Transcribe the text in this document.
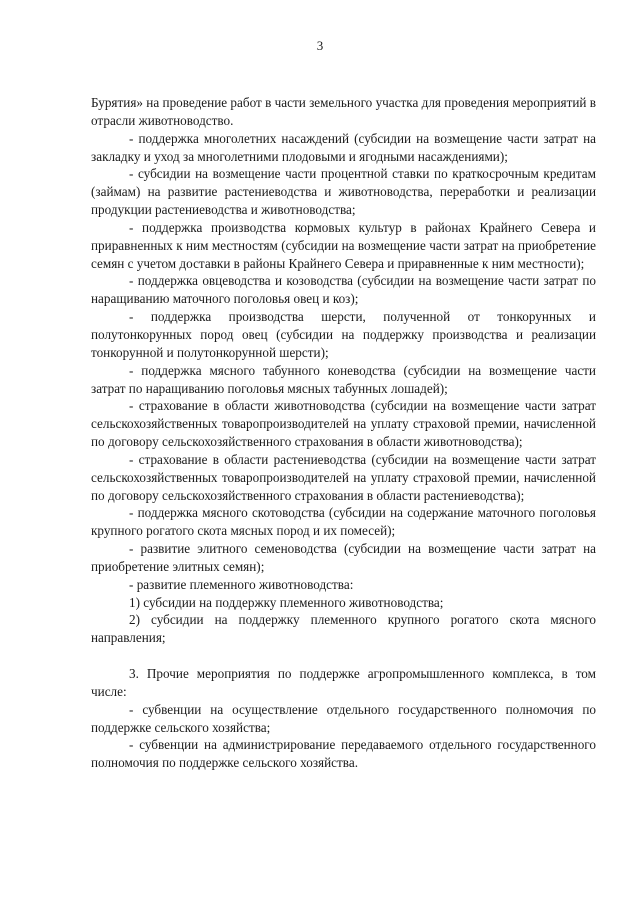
3

Бурятия» на проведение работ в части земельного участка для проведения мероприятий в отрасли животноводство.

- поддержка многолетних насаждений (субсидии на возмещение части затрат на закладку и уход за многолетними плодовыми и ягодными насаждениями);

- субсидии на возмещение части процентной ставки по краткосрочным кредитам (займам) на развитие растениеводства и животноводства, переработки и реализации продукции растениеводства и животноводства;

- поддержка производства кормовых культур в районах Крайнего Севера и приравненных к ним местностям (субсидии на возмещение части затрат на приобретение семян с учетом доставки в районы Крайнего Севера и приравненные к ним местности);

- поддержка овцеводства и козоводства (субсидии на возмещение части затрат по наращиванию маточного поголовья овец и коз);

- поддержка производства шерсти, полученной от тонкорунных и полутонкорунных пород овец (субсидии на поддержку производства и реализации тонкорунной и полутонкорунной шерсти);

- поддержка мясного табунного коневодства (субсидии на возмещение части затрат по наращиванию поголовья мясных табунных лошадей);

- страхование в области животноводства (субсидии на возмещение части затрат сельскохозяйственных товаропроизводителей на уплату страховой премии, начисленной по договору сельскохозяйственного страхования в области животноводства);

- страхование в области растениеводства (субсидии на возмещение части затрат сельскохозяйственных товаропроизводителей на уплату страховой премии, начисленной по договору сельскохозяйственного страхования в области растениеводства);

- поддержка мясного скотоводства (субсидии на содержание маточного поголовья крупного рогатого скота мясных пород и их помесей);

- развитие элитного семеноводства (субсидии на возмещение части затрат на приобретение элитных семян);

- развитие племенного животноводства:

1) субсидии на поддержку племенного животноводства;

2) субсидии на поддержку племенного крупного рогатого скота мясного направления;

3. Прочие мероприятия по поддержке агропромышленного комплекса, в том числе:

- субвенции на осуществление отдельного государственного полномочия по поддержке сельского хозяйства;

- субвенции на администрирование передаваемого отдельного государственного полномочия по поддержке сельского хозяйства.
